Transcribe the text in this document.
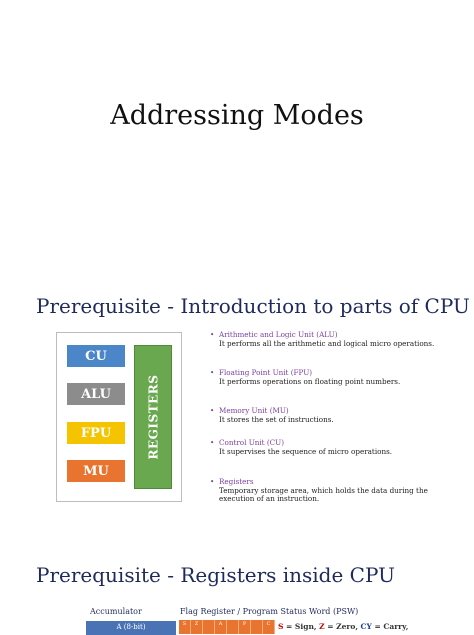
Addressing Modes
Prerequisite - Introduction to parts of CPU
CU
ALU
FPU
MU
REGISTERS
• Arithmetic and Logic Unit (ALU)
It performs all the arithmetic and logical micro operations.
• Floating Point Unit (FPU)
It performs operations on floating point numbers.
• Memory Unit (MU)
It stores the set of instructions.
• Control Unit (CU)
It supervises the sequence of micro operations.
• Registers
Temporary storage area, which holds the data during the execution of an instruction.
Prerequisite - Registers inside CPU
Accumulator	Flag Register / Program Status Word (PSW)
A (8-bit)	S	Z	A	P	C	S = Sign, Z = Zero, CY = Carry,
